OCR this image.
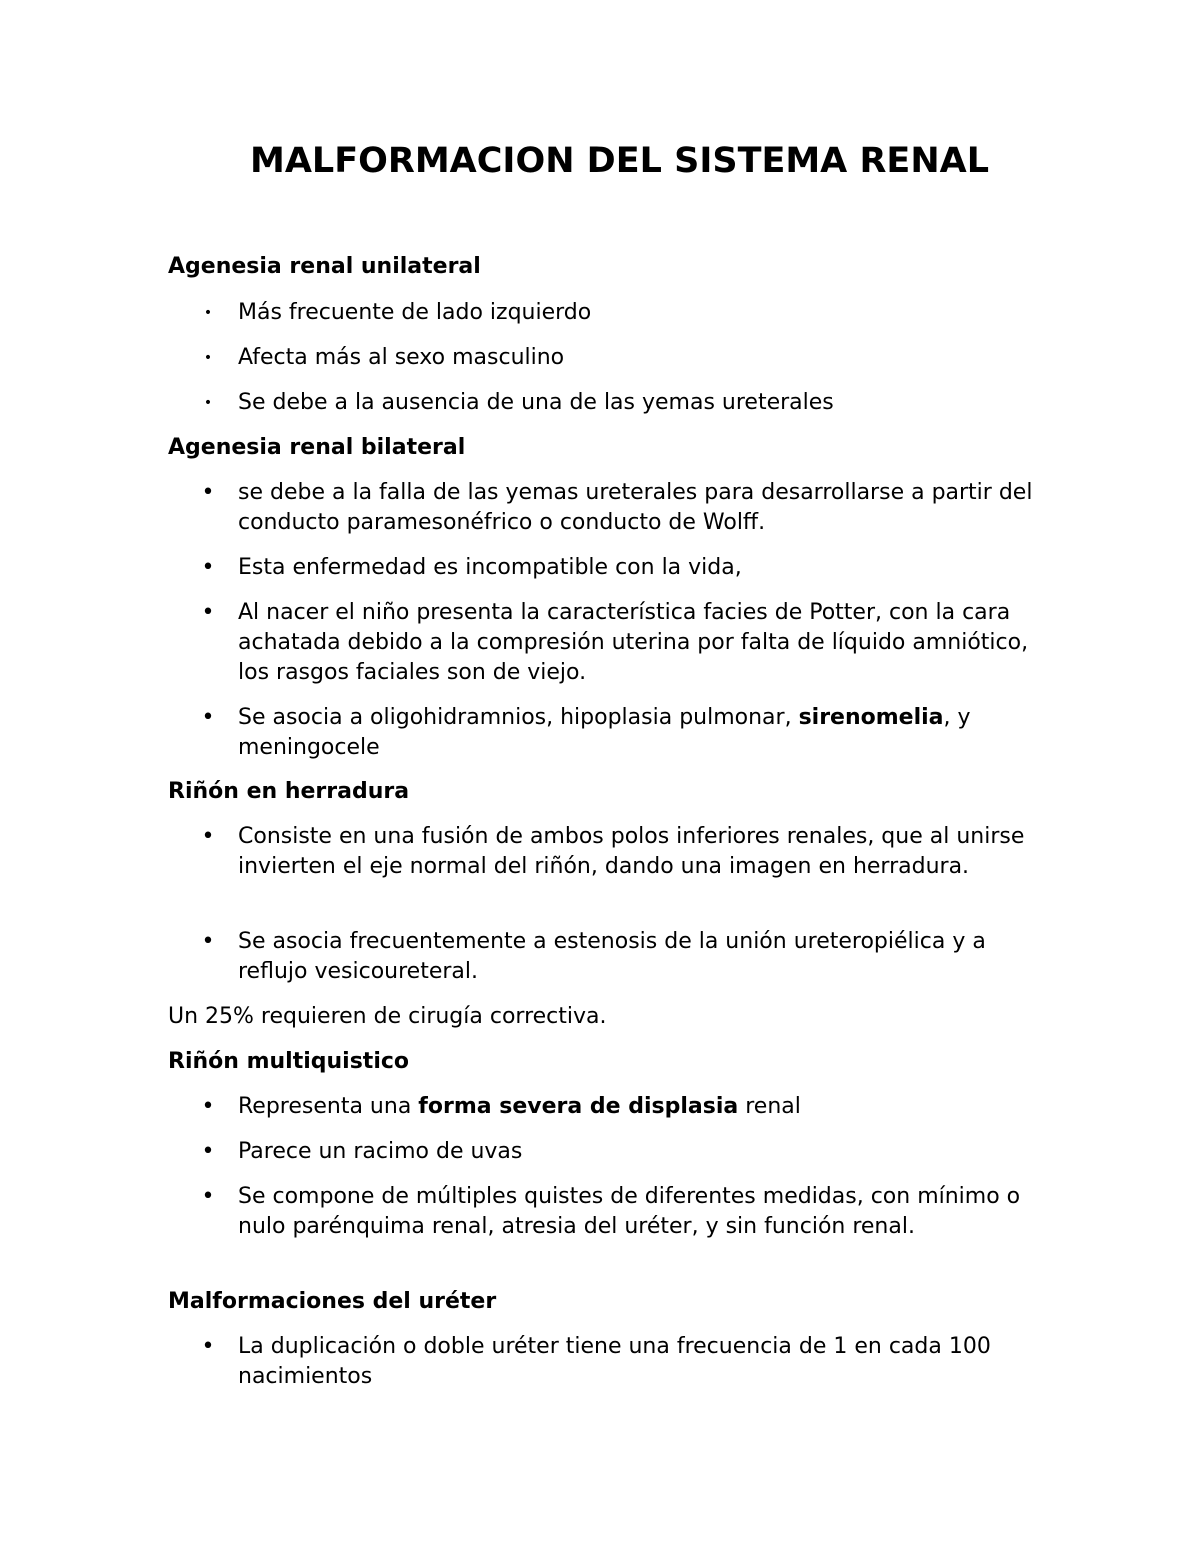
MALFORMACION DEL SISTEMA RENAL
Agenesia renal unilateral
• Más frecuente de lado izquierdo
• Afecta más al sexo masculino
• Se debe a la ausencia de una de las yemas ureterales
Agenesia renal bilateral
• se debe a la falla de las yemas ureterales para desarrollarse a partir del conducto paramesonéfrico o conducto de Wolff.
• Esta enfermedad es incompatible con la vida,
• Al nacer el niño presenta la característica facies de Potter, con la cara achatada debido a la compresión uterina por falta de líquido amniótico, los rasgos faciales son de viejo.
• Se asocia a oligohidramnios, hipoplasia pulmonar, sirenomelia, y meningocele
Riñón en herradura
• Consiste en una fusión de ambos polos inferiores renales, que al unirse invierten el eje normal del riñón, dando una imagen en herradura.
• Se asocia frecuentemente a estenosis de la unión ureteropiélica y a reflujo vesicoureteral.
Un 25% requieren de cirugía correctiva.
Riñón multiquistico
• Representa una forma severa de displasia renal
• Parece un racimo de uvas
• Se compone de múltiples quistes de diferentes medidas, con mínimo o nulo parénquima renal, atresia del uréter, y sin función renal.
Malformaciones del uréter
• La duplicación o doble uréter tiene una frecuencia de 1 en cada 100 nacimientos
